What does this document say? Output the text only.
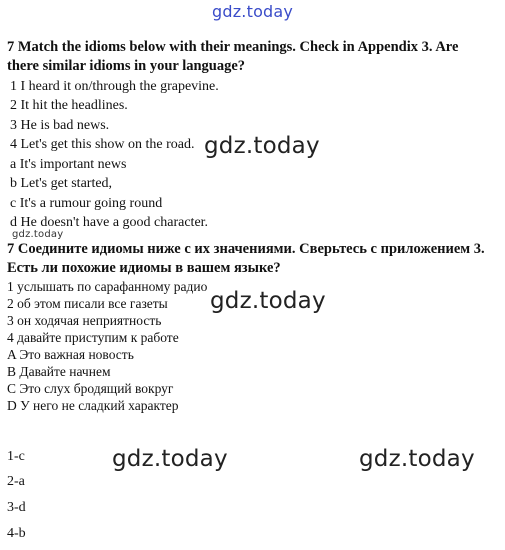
gdz.today
7 Match the idioms below with their meanings. Check in Appendix 3. Are
there similar idioms in your language?
1 I heard it on/through the grapevine.
2 It hit the headlines.
3 He is bad news.
4 Let's get this show on the road.
a It's important news
b Let's get started,
c It's a rumour going round
d He doesn't have a good character.
7 Соедините идиомы ниже с их значениями. Сверьтесь с приложением 3.
Есть ли похожие идиомы в вашем языке?
1 услышать по сарафанному радио
2 об этом писали все газеты
3 он ходячая неприятность
4 давайте приступим к работе
A Это важная новость
B Давайте начнем
C Это слух бродящий вокруг
D У него не сладкий характер
1-c
2-a
3-d
4-b
gdz.today
gdz.today
gdz.today
gdz.today	gdz.today
